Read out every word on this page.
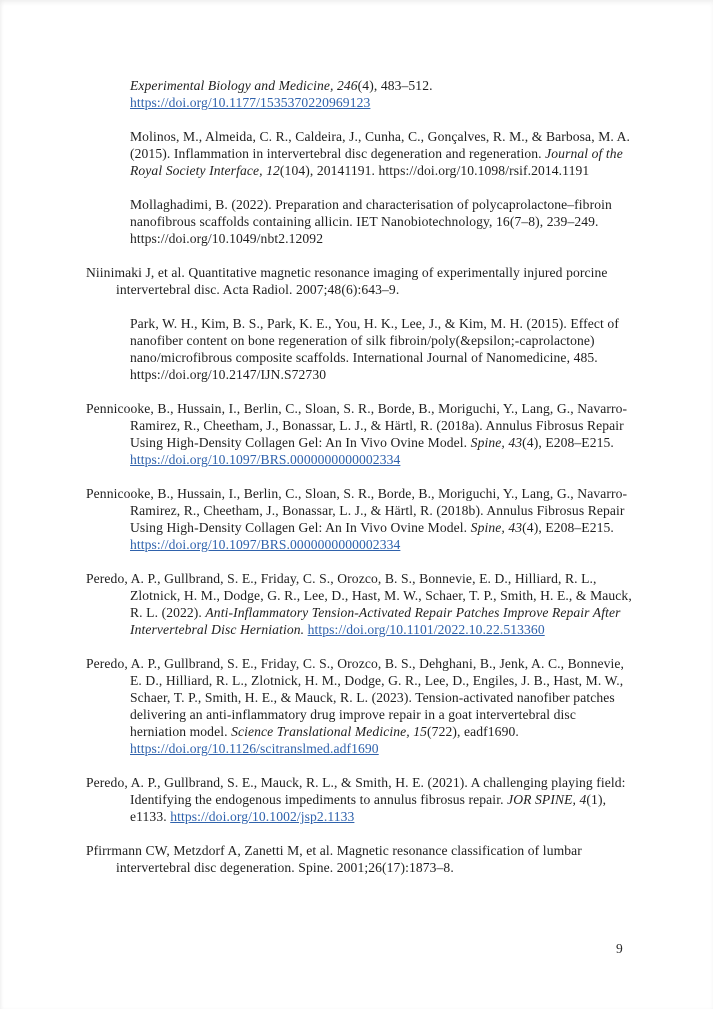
Experimental Biology and Medicine, 246(4), 483–512. https://doi.org/10.1177/1535370220969123

Molinos, M., Almeida, C. R., Caldeira, J., Cunha, C., Gonçalves, R. M., & Barbosa, M. A. (2015). Inflammation in intervertebral disc degeneration and regeneration. Journal of the Royal Society Interface, 12(104), 20141191. https://doi.org/10.1098/rsif.2014.1191

Mollaghadimi, B. (2022). Preparation and characterisation of polycaprolactone–fibroin nanofibrous scaffolds containing allicin. IET Nanobiotechnology, 16(7–8), 239–249. https://doi.org/10.1049/nbt2.12092

Niinimaki J, et al. Quantitative magnetic resonance imaging of experimentally injured porcine intervertebral disc. Acta Radiol. 2007;48(6):643–9.

Park, W. H., Kim, B. S., Park, K. E., You, H. K., Lee, J., & Kim, M. H. (2015). Effect of nanofiber content on bone regeneration of silk fibroin/poly(&epsilon;-caprolactone) nano/microfibrous composite scaffolds. International Journal of Nanomedicine, 485. https://doi.org/10.2147/IJN.S72730

Pennicooke, B., Hussain, I., Berlin, C., Sloan, S. R., Borde, B., Moriguchi, Y., Lang, G., Navarro-Ramirez, R., Cheetham, J., Bonassar, L. J., & Härtl, R. (2018a). Annulus Fibrosus Repair Using High-Density Collagen Gel: An In Vivo Ovine Model. Spine, 43(4), E208–E215. https://doi.org/10.1097/BRS.0000000000002334

Pennicooke, B., Hussain, I., Berlin, C., Sloan, S. R., Borde, B., Moriguchi, Y., Lang, G., Navarro-Ramirez, R., Cheetham, J., Bonassar, L. J., & Härtl, R. (2018b). Annulus Fibrosus Repair Using High-Density Collagen Gel: An In Vivo Ovine Model. Spine, 43(4), E208–E215. https://doi.org/10.1097/BRS.0000000000002334

Peredo, A. P., Gullbrand, S. E., Friday, C. S., Orozco, B. S., Bonnevie, E. D., Hilliard, R. L., Zlotnick, H. M., Dodge, G. R., Lee, D., Hast, M. W., Schaer, T. P., Smith, H. E., & Mauck, R. L. (2022). Anti-Inflammatory Tension-Activated Repair Patches Improve Repair After Intervertebral Disc Herniation. https://doi.org/10.1101/2022.10.22.513360

Peredo, A. P., Gullbrand, S. E., Friday, C. S., Orozco, B. S., Dehghani, B., Jenk, A. C., Bonnevie, E. D., Hilliard, R. L., Zlotnick, H. M., Dodge, G. R., Lee, D., Engiles, J. B., Hast, M. W., Schaer, T. P., Smith, H. E., & Mauck, R. L. (2023). Tension-activated nanofiber patches delivering an anti-inflammatory drug improve repair in a goat intervertebral disc herniation model. Science Translational Medicine, 15(722), eadf1690. https://doi.org/10.1126/scitranslmed.adf1690

Peredo, A. P., Gullbrand, S. E., Mauck, R. L., & Smith, H. E. (2021). A challenging playing field: Identifying the endogenous impediments to annulus fibrosus repair. JOR SPINE, 4(1), e1133. https://doi.org/10.1002/jsp2.1133

Pfirrmann CW, Metzdorf A, Zanetti M, et al. Magnetic resonance classification of lumbar intervertebral disc degeneration. Spine. 2001;26(17):1873–8.

9
